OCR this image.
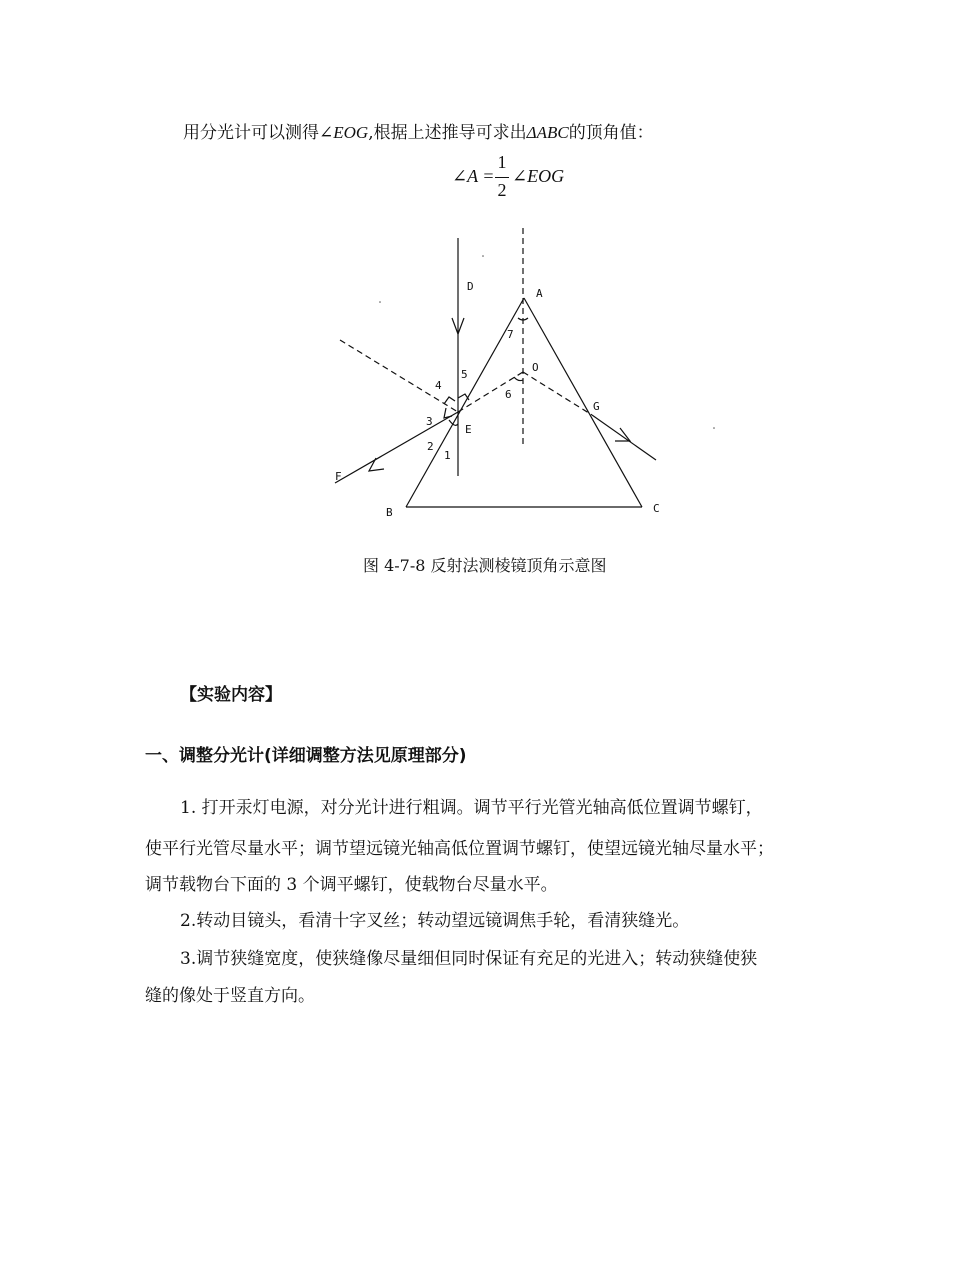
用分光计可以测得∠EOG,根据上述推导可求出ΔABC的顶角值：
∠A =
1
2
∠EOG
D
A
7
O
5
4
6
G
3
E
2
1
F
B	C
图 4-7-8 反射法测棱镜顶角示意图
【实验内容】
一、调整分光计(详细调整方法见原理部分)
1. 打开汞灯电源，对分光计进行粗调。调节平行光管光轴高低位置调节螺钉，
使平行光管尽量水平；调节望远镜光轴高低位置调节螺钉，使望远镜光轴尽量水平；
调节载物台下面的 3 个调平螺钉，使载物台尽量水平。
2.转动目镜头，看清十字叉丝；转动望远镜调焦手轮，看清狭缝光。
3.调节狭缝宽度，使狭缝像尽量细但同时保证有充足的光进入；转动狭缝使狭
缝的像处于竖直方向。
